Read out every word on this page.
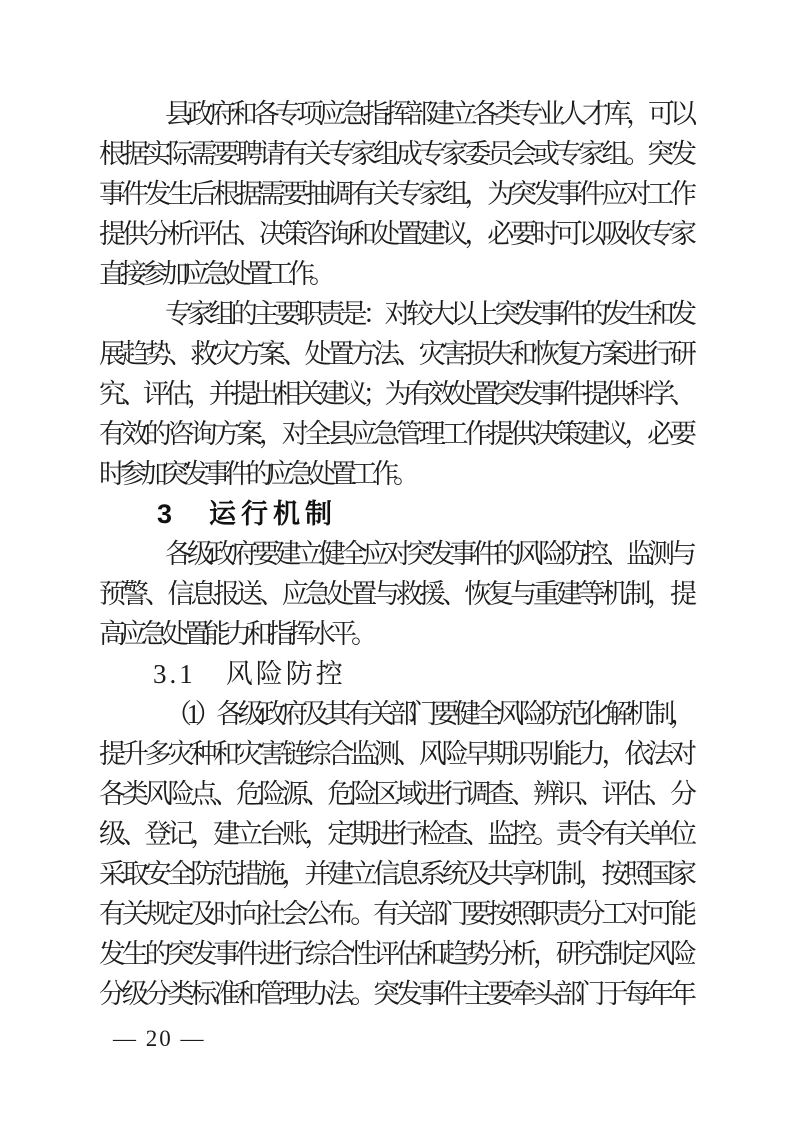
县政府和各专项应急指挥部建立各类专业人才库，可以
根据实际需要聘请有关专家组成专家委员会或专家组。突发
事件发生后根据需要抽调有关专家组，为突发事件应对工作
提供分析评估、决策咨询和处置建议，必要时可以吸收专家
直接参加应急处置工作。
专家组的主要职责是：对较大以上突发事件的发生和发
展趋势、救灾方案、处置方法、灾害损失和恢复方案进行研
究、评估，并提出相关建议；为有效处置突发事件提供科学、
有效的咨询方案，对全县应急管理工作提供决策建议，必要
时参加突发事件的应急处置工作。
3　运行机制
各级政府要建立健全应对突发事件的风险防控、监测与
预警、信息报送、应急处置与救援、恢复与重建等机制，提
高应急处置能力和指挥水平。
3.1　风险防控
（1）各级政府及其有关部门要健全风险防范化解机制，
提升多灾种和灾害链综合监测、风险早期识别能力，依法对
各类风险点、危险源、危险区域进行调查、辨识、评估、分
级、登记，建立台账，定期进行检查、监控。责令有关单位
采取安全防范措施，并建立信息系统及共享机制，按照国家
有关规定及时向社会公布。有关部门要按照职责分工对可能
发生的突发事件进行综合性评估和趋势分析，研究制定风险
分级分类标准和管理办法。突发事件主要牵头部门于每年年
— 20 —
